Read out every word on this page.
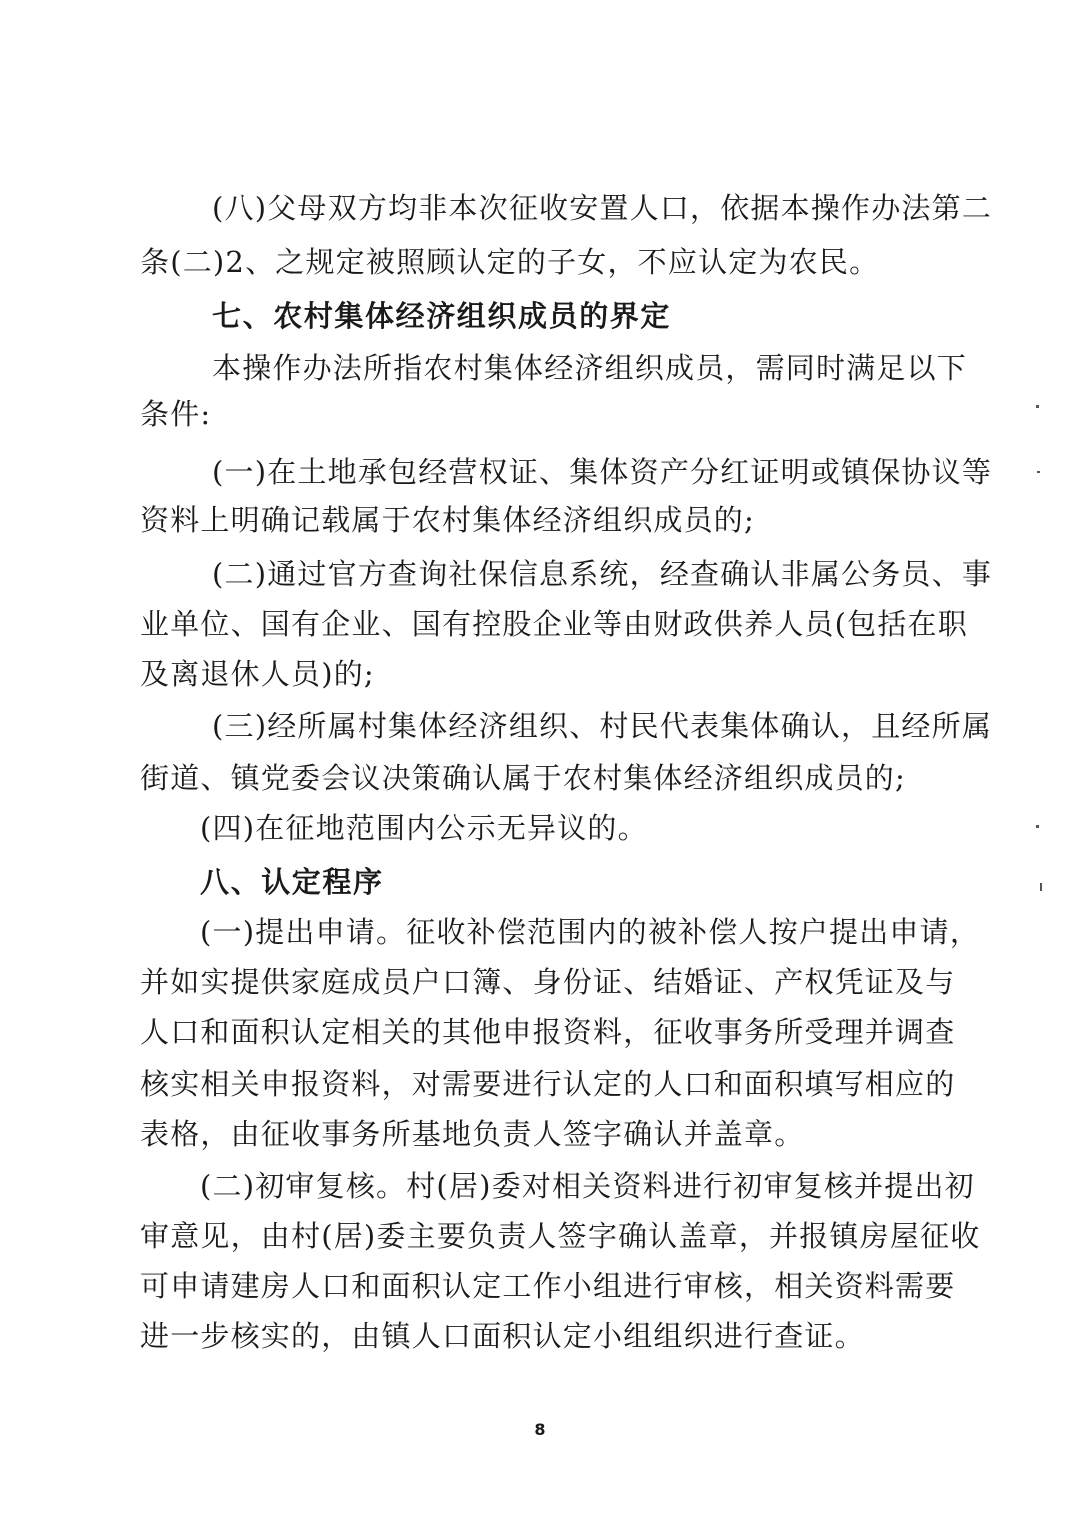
(八)父母双方均非本次征收安置人口，依据本操作办法第二

条(二)2、之规定被照顾认定的子女，不应认定为农民。

七、农村集体经济组织成员的界定

本操作办法所指农村集体经济组织成员，需同时满足以下

条件:

(一)在土地承包经营权证、集体资产分红证明或镇保协议等

资料上明确记载属于农村集体经济组织成员的;

(二)通过官方查询社保信息系统，经查确认非属公务员、事

业单位、国有企业、国有控股企业等由财政供养人员(包括在职

及离退休人员)的;

(三)经所属村集体经济组织、村民代表集体确认，且经所属

街道、镇党委会议决策确认属于农村集体经济组织成员的;

(四)在征地范围内公示无异议的。

八、认定程序

(一)提出申请。征收补偿范围内的被补偿人按户提出申请，

并如实提供家庭成员户口簿、身份证、结婚证、产权凭证及与

人口和面积认定相关的其他申报资料，征收事务所受理并调查

核实相关申报资料，对需要进行认定的人口和面积填写相应的

表格，由征收事务所基地负责人签字确认并盖章。

(二)初审复核。村(居)委对相关资料进行初审复核并提出初

审意见，由村(居)委主要负责人签字确认盖章，并报镇房屋征收

可申请建房人口和面积认定工作小组进行审核，相关资料需要

进一步核实的，由镇人口面积认定小组组织进行查证。

8
